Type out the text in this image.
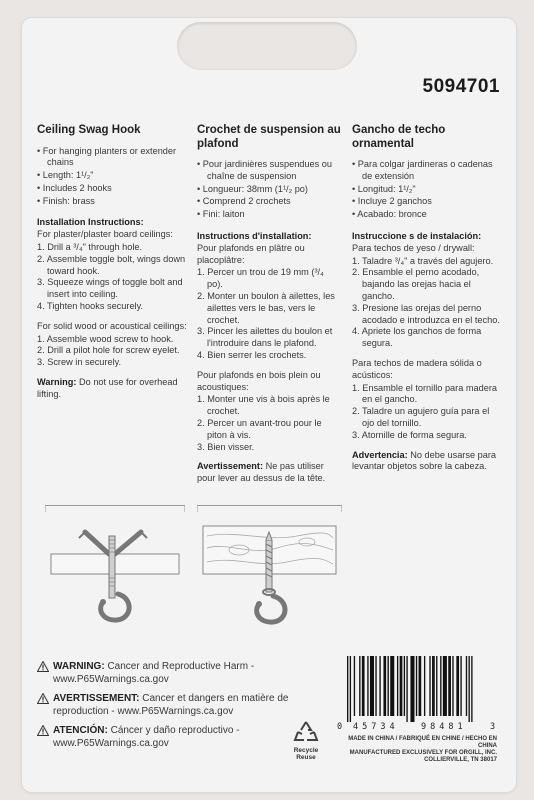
5094701
Ceiling Swag Hook
• For hanging planters or extender chains
• Length: 1¹/₂"
• Includes 2 hooks
• Finish: brass
Installation Instructions:
For plaster/plaster board ceilings:
1. Drill a ³/₄" through hole.
2. Assemble toggle bolt, wings down toward hook.
3. Squeeze wings of toggle bolt and insert into ceiling.
4. Tighten hooks securely.
For solid wood or acoustical ceilings:
1. Assemble wood screw to hook.
2. Drill a pilot hole for screw eyelet.
3. Screw in securely.
Warning: Do not use for overhead lifting.
Crochet de suspension au plafond
• Pour jardinières suspendues ou chaîne de suspension
• Longueur: 38mm (1¹/₂ po)
• Comprend 2 crochets
• Fini: laiton
Instructions d'installation:
Pour plafonds en plâtre ou placoplâtre:
1. Percer un trou de 19 mm (³/₄ po).
2. Monter un boulon à ailettes, les ailettes vers le bas, vers le crochet.
3. Pincer les ailettes du boulon et l'introduire dans le plafond.
4. Bien serrer les crochets.
Pour plafonds en bois plein ou acoustiques:
1. Monter une vis à bois après le crochet.
2. Percer un avant-trou pour le piton à vis.
3. Bien visser.
Avertissement: Ne pas utiliser pour lever au dessus de la tête.
Gancho de techo ornamental
• Para colgar jardineras o cadenas de extensión
• Longitud: 1¹/₂"
• Incluye 2 ganchos
• Acabado: bronce
Instruccione s de instalación:
Para techos de yeso / drywall:
1. Taladre ³/₄" a través del agujero.
2. Ensamble el perno acodado, bajando las orejas hacia el gancho.
3. Presione las orejas del perno acodado e introduzca en el techo.
4. Apriete los ganchos de forma segura.
Para techos de madera sólida o acústicos:
1. Ensamble el tornillo para madera en el gancho.
2. Taladre un agujero guía para el ojo del tornillo.
3. Atornille de forma segura.
Advertencia: No debe usarse para levantar objetos sobre la cabeza.
WARNING: Cancer and Reproductive Harm - www.P65Warnings.ca.gov
AVERTISSEMENT: Cancer et dangers en matière de reproduction - www.P65Warnings.ca.gov
ATENCIÓN: Cáncer y daño reproductivo - www.P65Warnings.ca.gov
Recycle Reuse
0 45734	98481	3
MADE IN CHINA / FABRIQUÉ EN CHINE / HECHO EN CHINA
MANUFACTURED EXCLUSIVELY FOR ORGILL, INC.
COLLIERVILLE, TN 38017
